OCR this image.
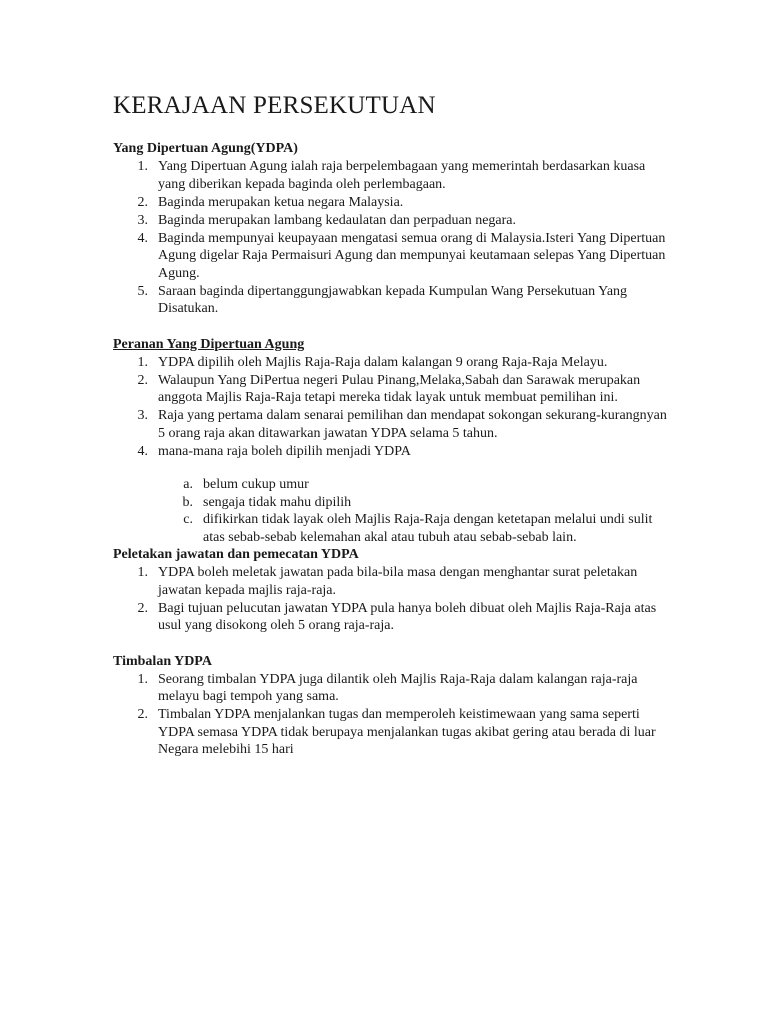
KERAJAAN PERSEKUTUAN

Yang Dipertuan Agung(YDPA)

1. Yang Dipertuan Agung ialah raja berpelembagaan yang memerintah berdasarkan kuasa yang diberikan kepada baginda oleh perlembagaan.
2. Baginda merupakan ketua negara Malaysia.
3. Baginda merupakan lambang kedaulatan dan perpaduan negara.
4. Baginda mempunyai keupayaan mengatasi semua orang di Malaysia.Isteri Yang Dipertuan Agung digelar Raja Permaisuri Agung dan mempunyai keutamaan selepas Yang Dipertuan Agung.
5. Saraan baginda dipertanggungjawabkan kepada Kumpulan Wang Persekutuan Yang Disatukan.

Peranan Yang Dipertuan Agung

1. YDPA dipilih oleh Majlis Raja-Raja dalam kalangan 9 orang Raja-Raja Melayu.
2. Walaupun Yang DiPertua negeri Pulau Pinang,Melaka,Sabah dan Sarawak merupakan anggota Majlis Raja-Raja tetapi mereka tidak layak untuk membuat pemilihan ini.
3. Raja yang pertama dalam senarai pemilihan dan mendapat sokongan sekurang-kurangnyan 5 orang raja akan ditawarkan jawatan YDPA selama 5 tahun.
4. mana-mana raja boleh dipilih menjadi YDPA
a. belum cukup umur
b. sengaja tidak mahu dipilih
c. difikirkan tidak layak oleh Majlis Raja-Raja dengan ketetapan melalui undi sulit atas sebab-sebab kelemahan akal atau tubuh atau sebab-sebab lain.

Peletakan jawatan dan pemecatan YDPA

1. YDPA boleh meletak jawatan pada bila-bila masa dengan menghantar surat peletakan jawatan kepada majlis raja-raja.
2. Bagi tujuan pelucutan jawatan YDPA pula hanya boleh dibuat oleh Majlis Raja-Raja atas usul yang disokong oleh 5 orang raja-raja.

Timbalan YDPA

1. Seorang timbalan YDPA juga dilantik oleh Majlis Raja-Raja dalam kalangan raja-raja melayu bagi tempoh yang sama.
2. Timbalan YDPA menjalankan tugas dan memperoleh keistimewaan yang sama seperti YDPA semasa YDPA tidak berupaya menjalankan tugas akibat gering atau berada di luar Negara melebihi 15 hari
